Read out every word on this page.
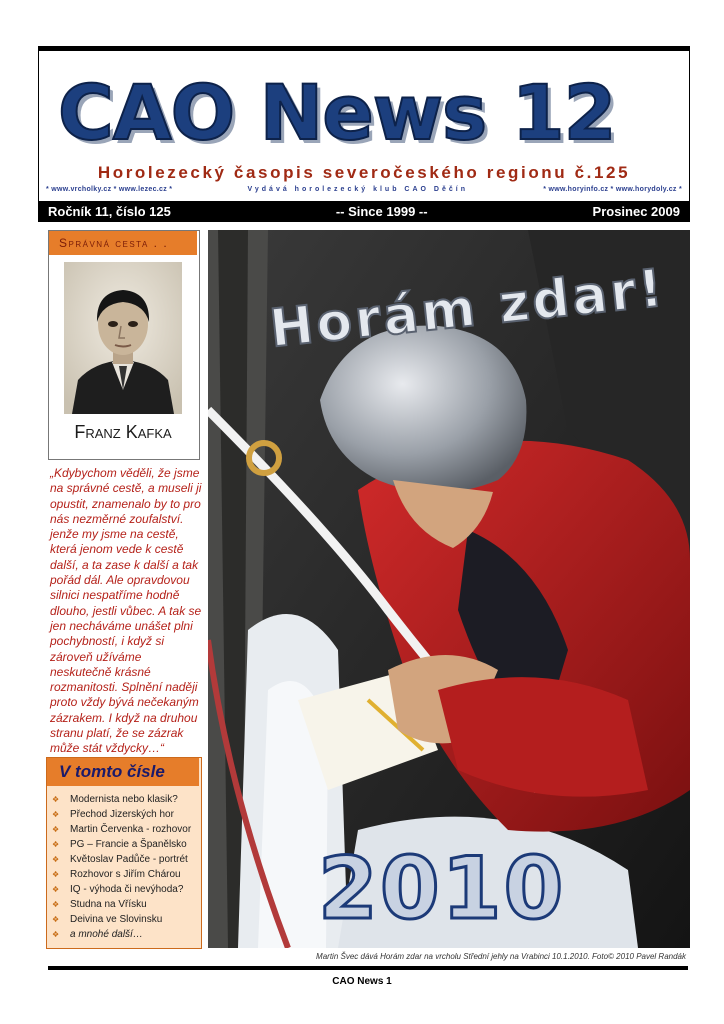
CAO News 12
Horolezecký časopis severočeského regionu č.125
* www.vrcholky.cz * www.lezec.cz *	Vydává horolezecký klub CAO Děčín	* www.horyinfo.cz * www.horydoly.cz *
Ročník 11, číslo 125	-- Since 1999 --	Prosinec 2009
Správná cesta . .
Franz Kafka
„Kdybychom věděli, že jsme na správné cestě, a museli ji opustit, znamenalo by to pro nás nezměrné zoufalství. jenže my jsme na cestě, která jenom vede k cestě další, a ta zase k další a tak pořád dál. Ale opravdovou silnici nespatříme hodně dlouho, jestli vůbec. A tak se jen necháváme unášet plni pochybností, i když si zároveň užíváme neskutečně krásné rozmanitosti. Splnění naději proto vždy bývá nečekaným zázrakem. I když na druhou stranu platí, že se zázrak může stát vždycky…“
V tomto čísle
❖ Modernista nebo klasik?
❖ Přechod Jizerských hor
❖ Martin Červenka - rozhovor
❖ PG – Francie a Španělsko
❖ Květoslav Padůče - portrét
❖ Rozhovor s Jiřím Chárou
❖ IQ - výhoda či nevýhoda?
❖ Studna na Vřísku
❖ Deivina ve Slovinsku
❖ a mnohé další…
Horám zdar!
2010
Martin Švec dává Horám zdar na vrcholu Střední jehly na Vrabinci 10.1.2010. Foto© 2010 Pavel Randák
CAO News 1
